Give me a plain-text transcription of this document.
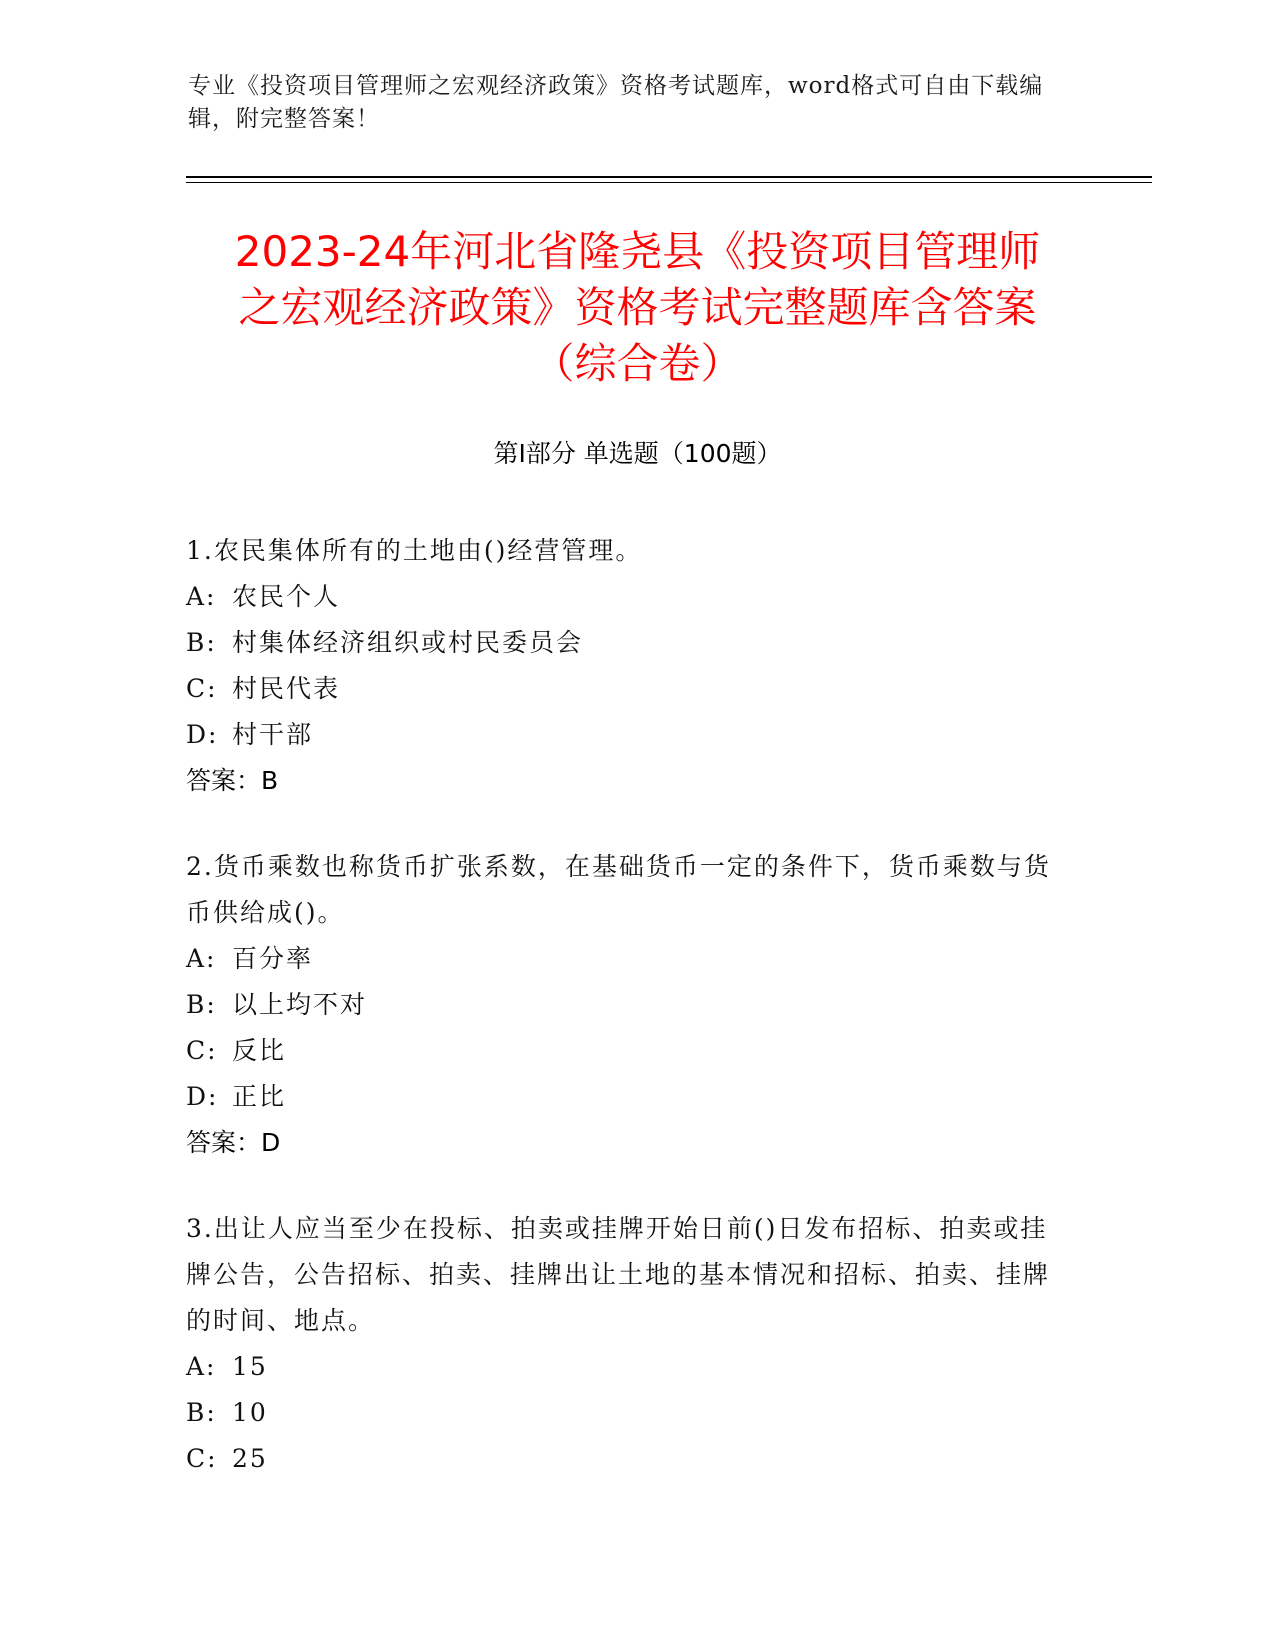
专业《投资项目管理师之宏观经济政策》资格考试题库，word格式可自由下载编辑，附完整答案！
2023-24年河北省隆尧县《投资项目管理师
之宏观经济政策》资格考试完整题库含答案
（综合卷）
第Ⅰ部分 单选题（100题）
1.农民集体所有的土地由()经营管理。
A: 农民个人
B: 村集体经济组织或村民委员会
C: 村民代表
D: 村干部
答案：B
2.货币乘数也称货币扩张系数，在基础货币一定的条件下，货币乘数与货币供给成()。
A: 百分率
B: 以上均不对
C: 反比
D: 正比
答案：D
3.出让人应当至少在投标、拍卖或挂牌开始日前()日发布招标、拍卖或挂牌公告，公告招标、拍卖、挂牌出让土地的基本情况和招标、拍卖、挂牌的时间、地点。
A: 15
B: 10
C: 25
